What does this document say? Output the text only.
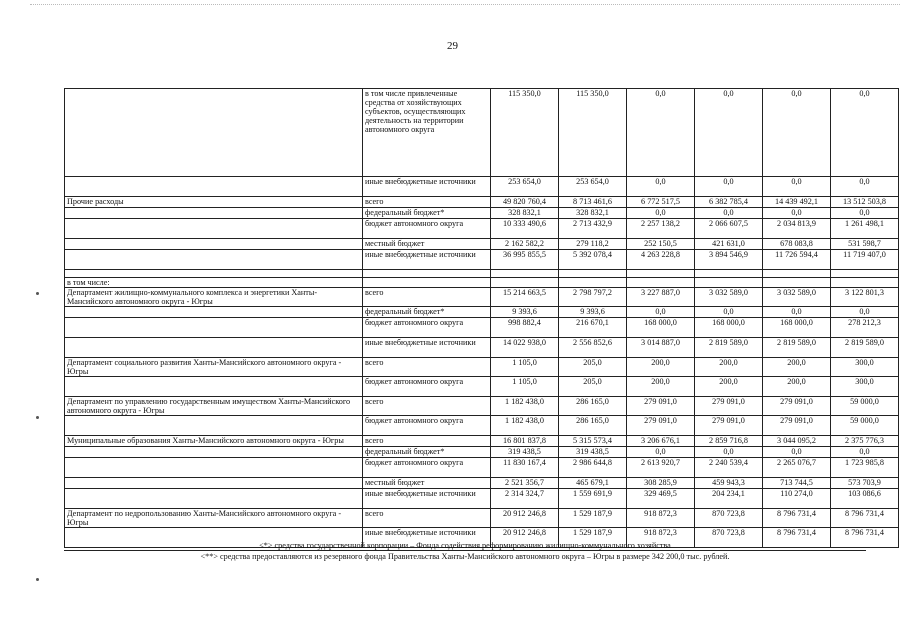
29
	в том числе привлеченные средства от хозяйствующих субъектов, осуществляющих деятельность на территории автономного округа	115 350,0	115 350,0	0,0	0,0	0,0	0,0
	иные внебюджетные источники	253 654,0	253 654,0	0,0	0,0	0,0	0,0
Прочие расходы	всего	49 820 760,4	8 713 461,6	6 772 517,5	6 382 785,4	14 439 492,1	13 512 503,8
	федеральный бюджет*	328 832,1	328 832,1	0,0	0,0	0,0	0,0
	бюджет автономного округа	10 333 490,6	2 713 432,9	2 257 138,2	2 066 607,5	2 034 813,9	1 261 498,1
	местный бюджет	2 162 582,2	279 118,2	252 150,5	421 631,0	678 083,8	531 598,7
	иные внебюджетные источники	36 995 855,5	5 392 078,4	4 263 228,8	3 894 546,9	11 726 594,4	11 719 407,0

в том числе:							
Департамент жилищно-коммунального комплекса и энергетики Ханты-Мансийского автономного округа - Югры	всего	15 214 663,5	2 798 797,2	3 227 887,0	3 032 589,0	3 032 589,0	3 122 801,3
	федеральный бюджет*	9 393,6	9 393,6	0,0	0,0	0,0	0,0
	бюджет автономного округа	998 882,4	216 670,1	168 000,0	168 000,0	168 000,0	278 212,3
	иные внебюджетные источники	14 022 938,0	2 556 852,6	3 014 887,0	2 819 589,0	2 819 589,0	2 819 589,0
Департамент социального развития Ханты-Мансийского автономного округа - Югры	всего	1 105,0	205,0	200,0	200,0	200,0	300,0
	бюджет автономного округа	1 105,0	205,0	200,0	200,0	200,0	300,0
Департамент по управлению государственным имуществом Ханты-Мансийского автономного округа - Югры	всего	1 182 438,0	286 165,0	279 091,0	279 091,0	279 091,0	59 000,0
	бюджет автономного округа	1 182 438,0	286 165,0	279 091,0	279 091,0	279 091,0	59 000,0
Муниципальные образования Ханты-Мансийского автономного округа - Югры	всего	16 801 837,8	5 315 573,4	3 206 676,1	2 859 716,8	3 044 095,2	2 375 776,3
	федеральный бюджет*	319 438,5	319 438,5	0,0	0,0	0,0	0,0
	бюджет автономного округа	11 830 167,4	2 986 644,8	2 613 920,7	2 240 539,4	2 265 076,7	1 723 985,8
	местный бюджет	2 521 356,7	465 679,1	308 285,9	459 943,3	713 744,5	573 703,9
	иные внебюджетные источники	2 314 324,7	1 559 691,9	329 469,5	204 234,1	110 274,0	103 086,6
Департамент по недропользованию Ханты-Мансийского автономного округа - Югры	всего	20 912 246,8	1 529 187,9	918 872,3	870 723,8	8 796 731,4	8 796 731,4
	иные внебюджетные источники	20 912 246,8	1 529 187,9	918 872,3	870 723,8	8 796 731,4	8 796 731,4
<*> средства государственной корпорации – Фонда содействия реформированию жилищно-коммунального хозяйства
<**> средства предоставляются из резервного фонда Правительства Ханты-Мансийского автономного округа – Югры в размере 342 200,0 тыс. рублей.
